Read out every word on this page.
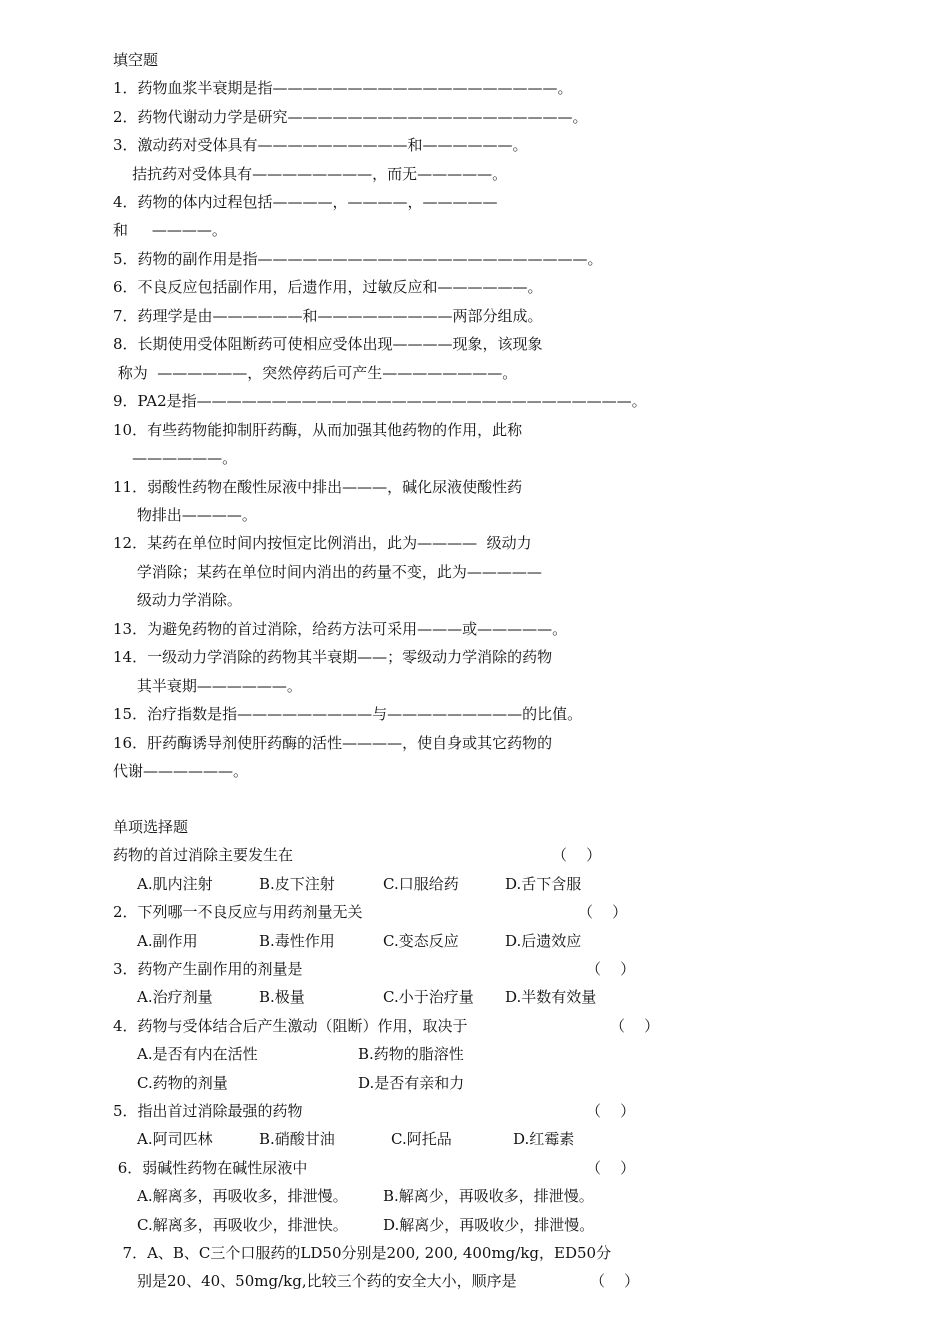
填空题
1．药物血浆半衰期是指———————————————————。
2．药物代谢动力学是研究———————————————————。
3．激动药对受体具有——————————和——————。
拮抗药对受体具有————————，而无—————。
4．药物的体内过程包括————，————，—————
和     ————。
5．药物的副作用是指——————————————————————。
6．不良反应包括副作用，后遗作用，过敏反应和——————。
7．药理学是由——————和—————————两部分组成。
8．长期使用受体阻断药可使相应受体出现————现象，该现象
称为  ——————，突然停药后可产生————————。
9．PA2是指—————————————————————————————。
10．有些药物能抑制肝药酶，从而加强其他药物的作用，此称
——————。
11．弱酸性药物在酸性尿液中排出———，碱化尿液使酸性药
物排出————。
12．某药在单位时间内按恒定比例消出，此为————  级动力
学消除；某药在单位时间内消出的药量不变，此为—————
级动力学消除。
13．为避免药物的首过消除，给药方法可采用———或—————。
14．一级动力学消除的药物其半衰期——；零级动力学消除的药物
其半衰期——————。
15．治疗指数是指—————————与—————————的比值。
16．肝药酶诱导剂使肝药酶的活性————，使自身或其它药物的
代谢——————。
单项选择题
药物的首过消除主要发生在	（    ）
A.肌内注射	B.皮下注射	C.口服给药	D.舌下含服
2．下列哪一不良反应与用药剂量无关	（    ）
A.副作用	B.毒性作用	C.变态反应	D.后遗效应
3．药物产生副作用的剂量是	（    ）
A.治疗剂量	B.极量	C.小于治疗量 D.半数有效量
4．药物与受体结合后产生激动（阻断）作用，取决于	（    ）
A.是否有内在活性	B.药物的脂溶性
C.药物的剂量	D.是否有亲和力
5．指出首过消除最强的药物	（    ）
A.阿司匹林	B.硝酸甘油	C.阿托品	D.红霉素
6．弱碱性药物在碱性尿液中	（    ）
A.解离多，再吸收多，排泄慢。 B.解离少，再吸收多，排泄慢。
C.解离多，再吸收少，排泄快。 D.解离少，再吸收少，排泄慢。
7．A、B、C三个口服药的LD50分别是200, 200, 400mg/kg，ED50分
别是20、40、50mg/kg,比较三个药的安全大小，顺序是	（    ）
